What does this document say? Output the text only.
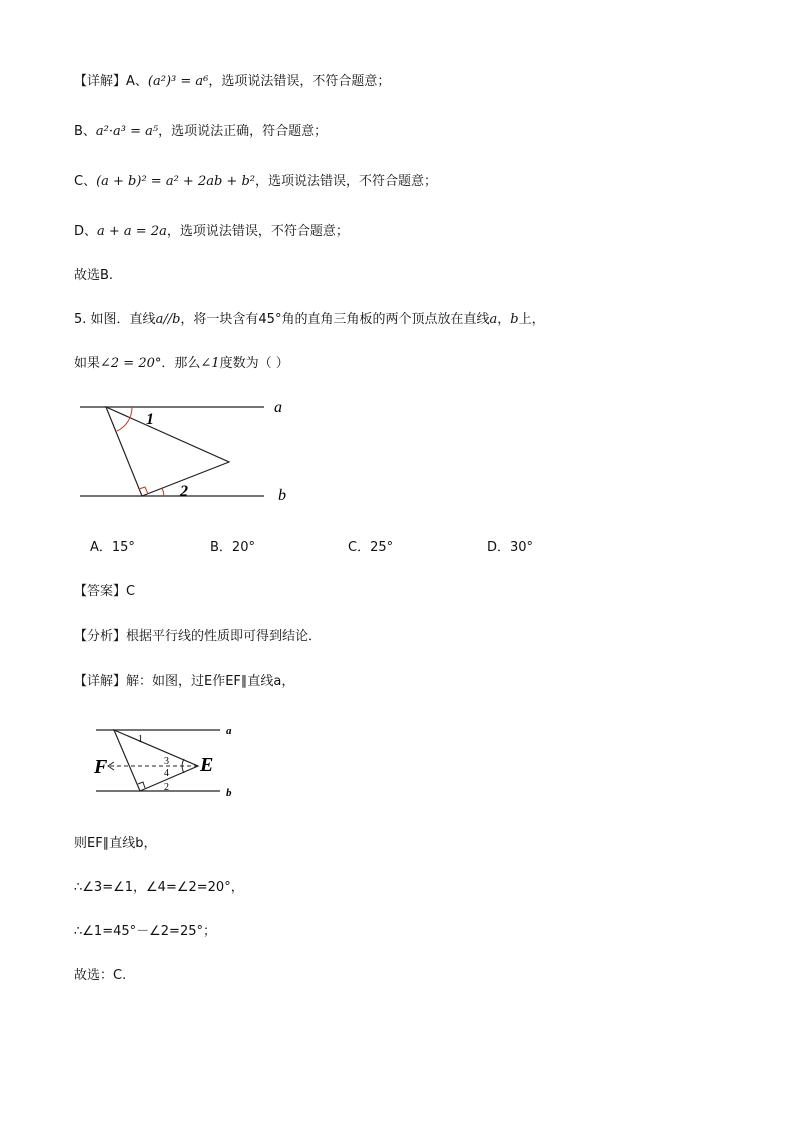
【详解】A、(a²)³ = a⁶，选项说法错误，不符合题意；
B、a²·a³ = a⁵，选项说法正确，符合题意；
C、(a + b)² = a² + 2ab + b²，选项说法错误，不符合题意；
D、a + a = 2a，选项说法错误，不符合题意；
故选B.
5. 如图．直线a//b，将一块含有45°角的直角三角板的两个顶点放在直线a，b上，
如果∠2 = 20°．那么∠1度数为（ ）
1
2
a
b
A．15°	B．20°	C．25°	D．30°
【答案】C
【分析】根据平行线的性质即可得到结论．
【详解】解：如图，过E作EF∥直线a，
F	E
1
2
3
4
a
b
则EF∥直线b，
∴∠3=∠1，∠4=∠2=20°，
∴∠1=45°－∠2=25°；
故选：C.
